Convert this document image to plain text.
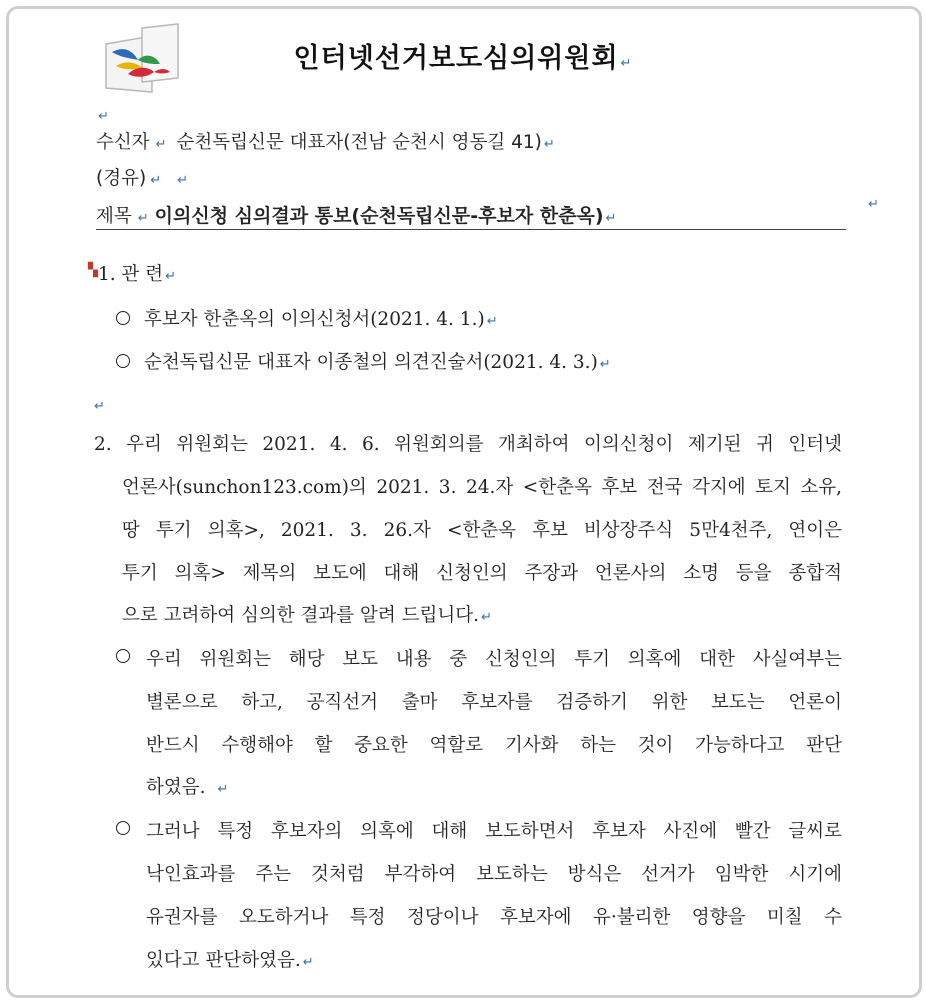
인터넷선거보도심의위원회 ↵
↵
수신자 ↵ 순천독립신문 대표자(전남 순천시 영동길 41) ↵
(경유) ↵ ↵
제목 ↵ 이의신청 심의결과 통보(순천독립신문-후보자 한춘옥) ↵
↵
▚1. 관 련 ↵
후보자 한춘옥의 이의신청서(2021. 4. 1.) ↵
순천독립신문 대표자 이종철의 의견진술서(2021. 4. 3.) ↵
↵
2. 우리 위원회는 2021. 4. 6. 위원회의를 개최하여 이의신청이 제기된 귀 인터넷
언론사(sunchon123.com)의 2021. 3. 24.자 <한춘옥 후보 전국 각지에 토지 소유,
땅 투기 의혹>, 2021. 3. 26.자 <한춘옥 후보 비상장주식 5만4천주, 연이은
투기 의혹> 제목의 보도에 대해 신청인의 주장과 언론사의 소명 등을 종합적
으로 고려하여 심의한 결과를 알려 드립니다. ↵
우리 위원회는 해당 보도 내용 중 신청인의 투기 의혹에 대한 사실여부는
별론으로 하고, 공직선거 출마 후보자를 검증하기 위한 보도는 언론이
반드시 수행해야 할 중요한 역할로 기사화 하는 것이 가능하다고 판단
하였음. ↵
그러나 특정 후보자의 의혹에 대해 보도하면서 후보자 사진에 빨간 글씨로
낙인효과를 주는 것처럼 부각하여 보도하는 방식은 선거가 임박한 시기에
유권자를 오도하거나 특정 정당이나 후보자에 유·불리한 영향을 미칠 수
있다고 판단하였음. ↵
